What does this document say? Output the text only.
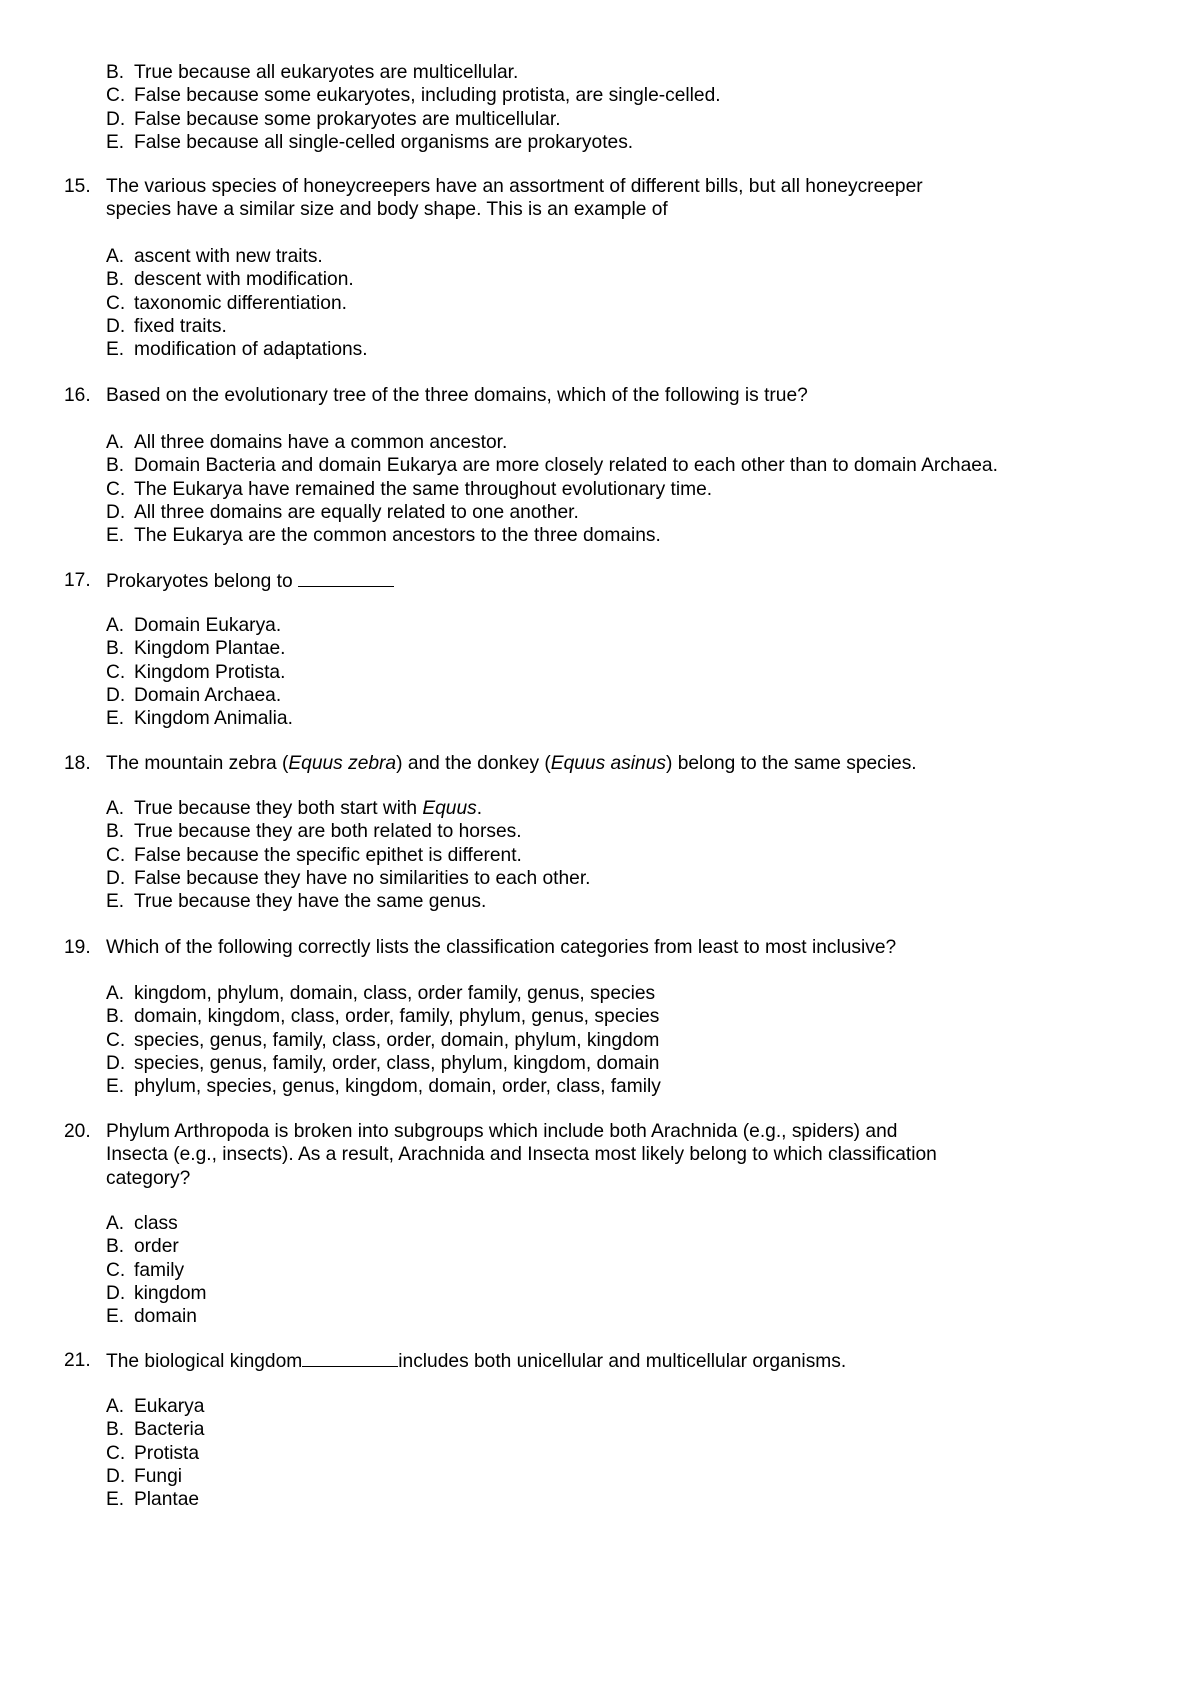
B. True because all eukaryotes are multicellular.
C. False because some eukaryotes, including protista, are single-celled.
D. False because some prokaryotes are multicellular.
E. False because all single-celled organisms are prokaryotes.
15. The various species of honeycreepers have an assortment of different bills, but all honeycreeper
species have a similar size and body shape. This is an example of
A. ascent with new traits.
B. descent with modification.
C. taxonomic differentiation.
D. fixed traits.
E. modification of adaptations.
16. Based on the evolutionary tree of the three domains, which of the following is true?
A. All three domains have a common ancestor.
B. Domain Bacteria and domain Eukarya are more closely related to each other than to domain Archaea.
C. The Eukarya have remained the same throughout evolutionary time.
D. All three domains are equally related to one another.
E. The Eukarya are the common ancestors to the three domains.
17. Prokaryotes belong to
A. Domain Eukarya.
B. Kingdom Plantae.
C. Kingdom Protista.
D. Domain Archaea.
E. Kingdom Animalia.
18. The mountain zebra (Equus zebra) and the donkey (Equus asinus) belong to the same species.
A. True because they both start with Equus.
B. True because they are both related to horses.
C. False because the specific epithet is different.
D. False because they have no similarities to each other.
E. True because they have the same genus.
19. Which of the following correctly lists the classification categories from least to most inclusive?
A. kingdom, phylum, domain, class, order family, genus, species
B. domain, kingdom, class, order, family, phylum, genus, species
C. species, genus, family, class, order, domain, phylum, kingdom
D. species, genus, family, order, class, phylum, kingdom, domain
E. phylum, species, genus, kingdom, domain, order, class, family
20. Phylum Arthropoda is broken into subgroups which include both Arachnida (e.g., spiders) and
Insecta (e.g., insects). As a result, Arachnida and Insecta most likely belong to which classification
category?
A. class
B. order
C. family
D. kingdom
E. domain
21. The biological kingdom	includes both unicellular and multicellular organisms.
A. Eukarya
B. Bacteria
C. Protista
D. Fungi
E. Plantae
